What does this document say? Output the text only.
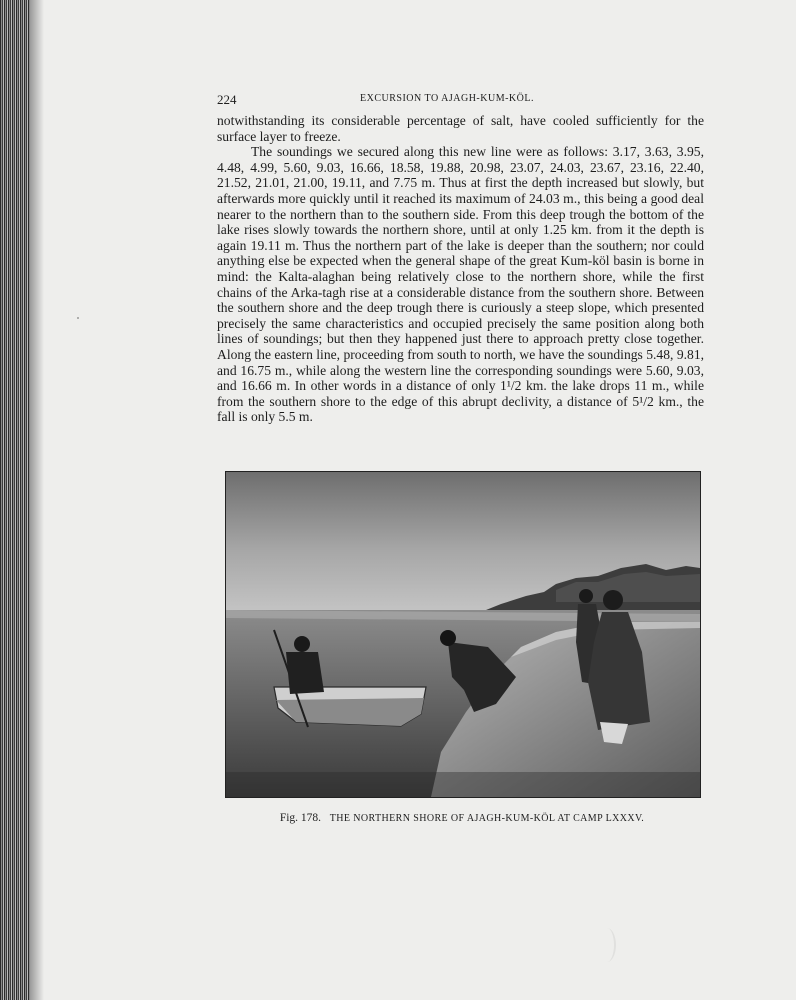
224	EXCURSION TO AJAGH-KUM-KÖL.

notwithstanding its considerable percentage of salt, have cooled sufficiently for the surface layer to freeze.

The soundings we secured along this new line were as follows: 3.17, 3.63, 3.95, 4.48, 4.99, 5.60, 9.03, 16.66, 18.58, 19.88, 20.98, 23.07, 24.03, 23.67, 23.16, 22.40, 21.52, 21.01, 21.00, 19.11, and 7.75 m. Thus at first the depth increased but slowly, but afterwards more quickly until it reached its maximum of 24.03 m., this being a good deal nearer to the northern than to the southern side. From this deep trough the bottom of the lake rises slowly towards the northern shore, until at only 1.25 km. from it the depth is again 19.11 m. Thus the northern part of the lake is deeper than the southern; nor could anything else be expected when the general shape of the great Kum-köl basin is borne in mind: the Kalta-alaghan being relatively close to the northern shore, while the first chains of the Arka-tagh rise at a considerable distance from the southern shore. Between the southern shore and the deep trough there is curiously a steep slope, which presented precisely the same characteristics and occupied precisely the same position along both lines of soundings; but then they happened just there to approach pretty close together. Along the eastern line, proceeding from south to north, we have the soundings 5.48, 9.81, and 16.75 m., while along the western line the corresponding soundings were 5.60, 9.03, and 16.66 m. In other words in a distance of only 1¹/2 km. the lake drops 11 m., while from the southern shore to the edge of this abrupt declivity, a distance of 5¹/2 km., the fall is only 5.5 m.

Fig. 178. THE NORTHERN SHORE OF AJAGH-KUM-KÖL AT CAMP LXXXV.
